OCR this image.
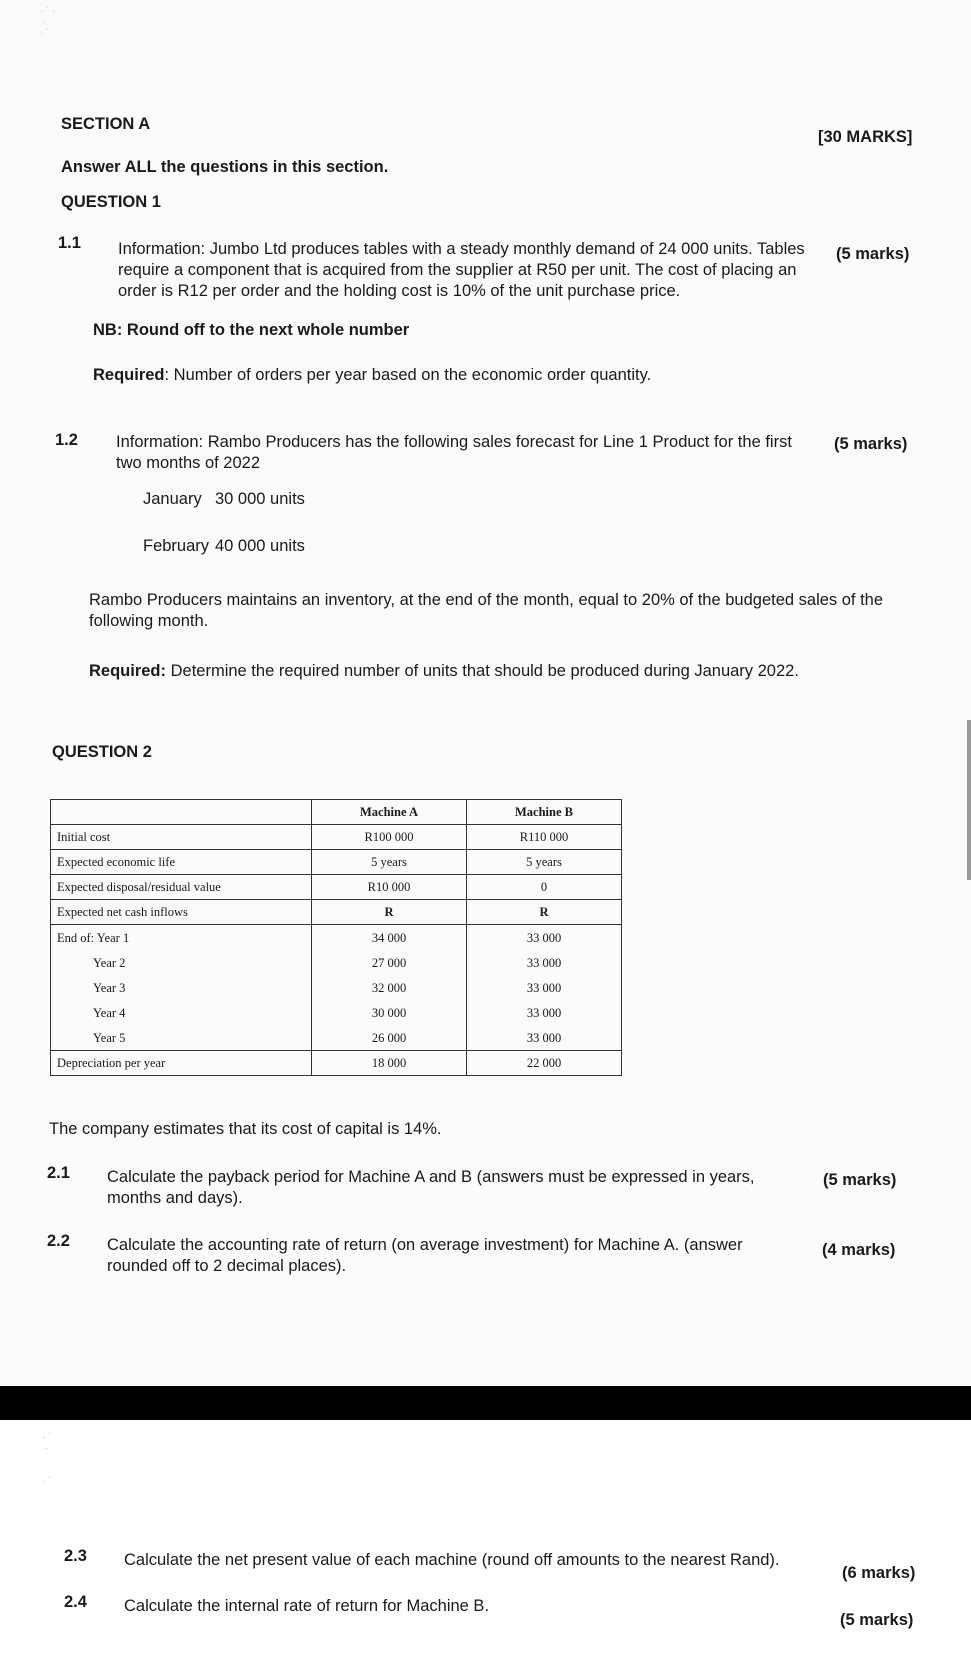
· ˙ ·
·
· ˙
SECTION A
[30 MARKS]
Answer ALL the questions in this section.
QUESTION 1
1.1 Information: Jumbo Ltd produces tables with a steady monthly demand of 24 000 units. Tables require a component that is acquired from the supplier at R50 per unit. The cost of placing an order is R12 per order and the holding cost is 10% of the unit purchase price.
(5 marks)
NB: Round off to the next whole number
Required: Number of orders per year based on the economic order quantity.
1.2 Information: Rambo Producers has the following sales forecast for Line 1 Product for the first two months of 2022
(5 marks)
January 30 000 units
February 40 000 units
Rambo Producers maintains an inventory, at the end of the month, equal to 20% of the budgeted sales of the following month.
Required: Determine the required number of units that should be produced during January 2022.
QUESTION 2
	Machine A	Machine B
Initial cost	R100 000	R110 000
Expected economic life	5 years	5 years
Expected disposal/residual value	R10 000	0
Expected net cash inflows	R	R
End of: Year 1	34 000	33 000
Year 2	27 000	33 000
Year 3	32 000	33 000
Year 4	30 000	33 000
Year 5	26 000	33 000
Depreciation per year	18 000	22 000
The company estimates that its cost of capital is 14%.
2.1 Calculate the payback period for Machine A and B (answers must be expressed in years, months and days).
(5 marks)
2.2 Calculate the accounting rate of return (on average investment) for Machine A. (answer rounded off to 2 decimal places).
(4 marks)
· ˙
·

· ˙
2.3 Calculate the net present value of each machine (round off amounts to the nearest Rand).
(6 marks)
2.4 Calculate the internal rate of return for Machine B.
(5 marks)
